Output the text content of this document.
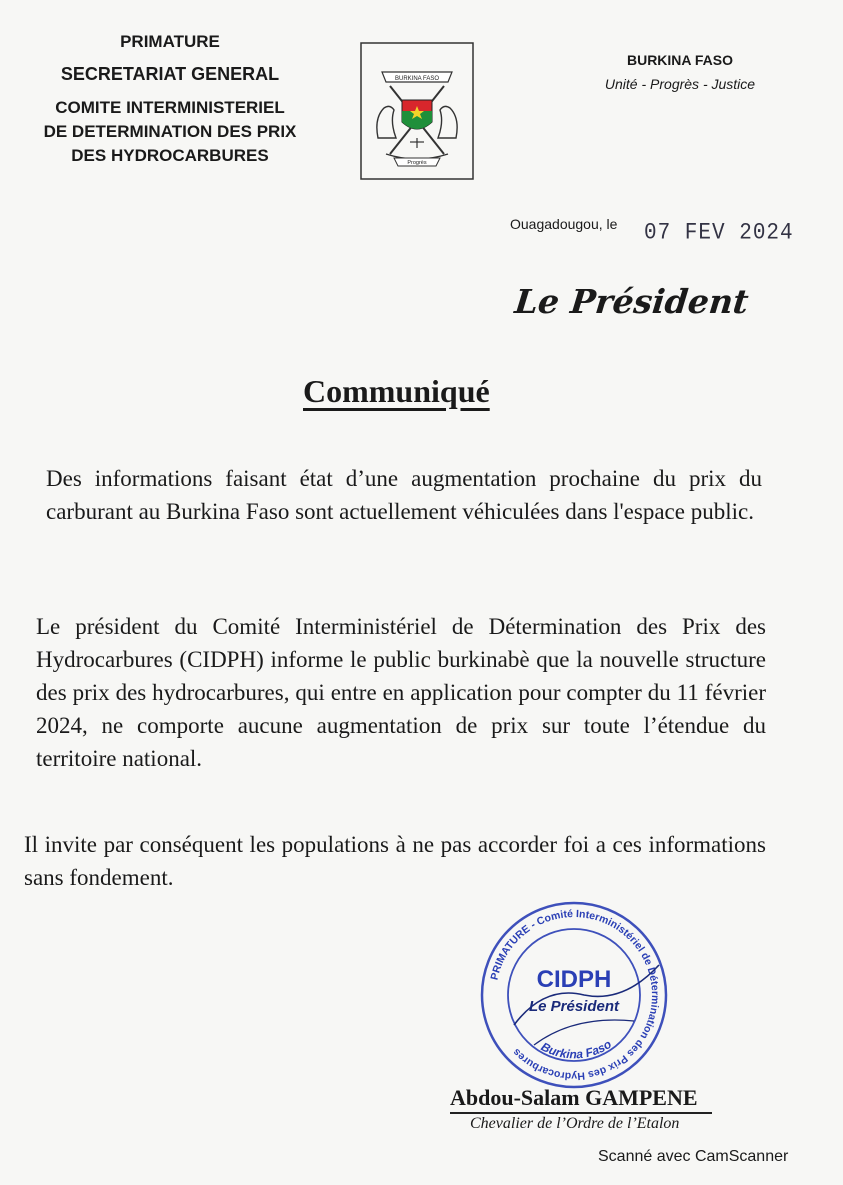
PRIMATURE
SECRETARIAT GENERAL
COMITE INTERMINISTERIEL
DE DETERMINATION DES PRIX
DES HYDROCARBURES
BURKINA FASO
Progrès
BURKINA FASO
Unité - Progrès - Justice
Ouagadougou, le 07 FEV 2024
Le Président
Communiqué

Des informations faisant état d’une augmentation prochaine du prix du carburant au Burkina Faso sont actuellement véhiculées dans l'espace public.

Le président du Comité Interministériel de Détermination des Prix des Hydrocarbures (CIDPH) informe le public burkinabè que la nouvelle structure des prix des hydrocarbures, qui entre en application pour compter du 11 février 2024, ne comporte aucune augmentation de prix sur toute l’étendue du territoire national.

Il invite par conséquent les populations à ne pas accorder foi a ces informations sans fondement.

PRIMATURE - Comité Interministériel de Détermination des Prix des Hydrocarbures
CIDPH
Le Président
Burkina Faso
Abdou-Salam GAMPENE
Chevalier de l’Ordre de l’Etalon
Scanné avec CamScanner
